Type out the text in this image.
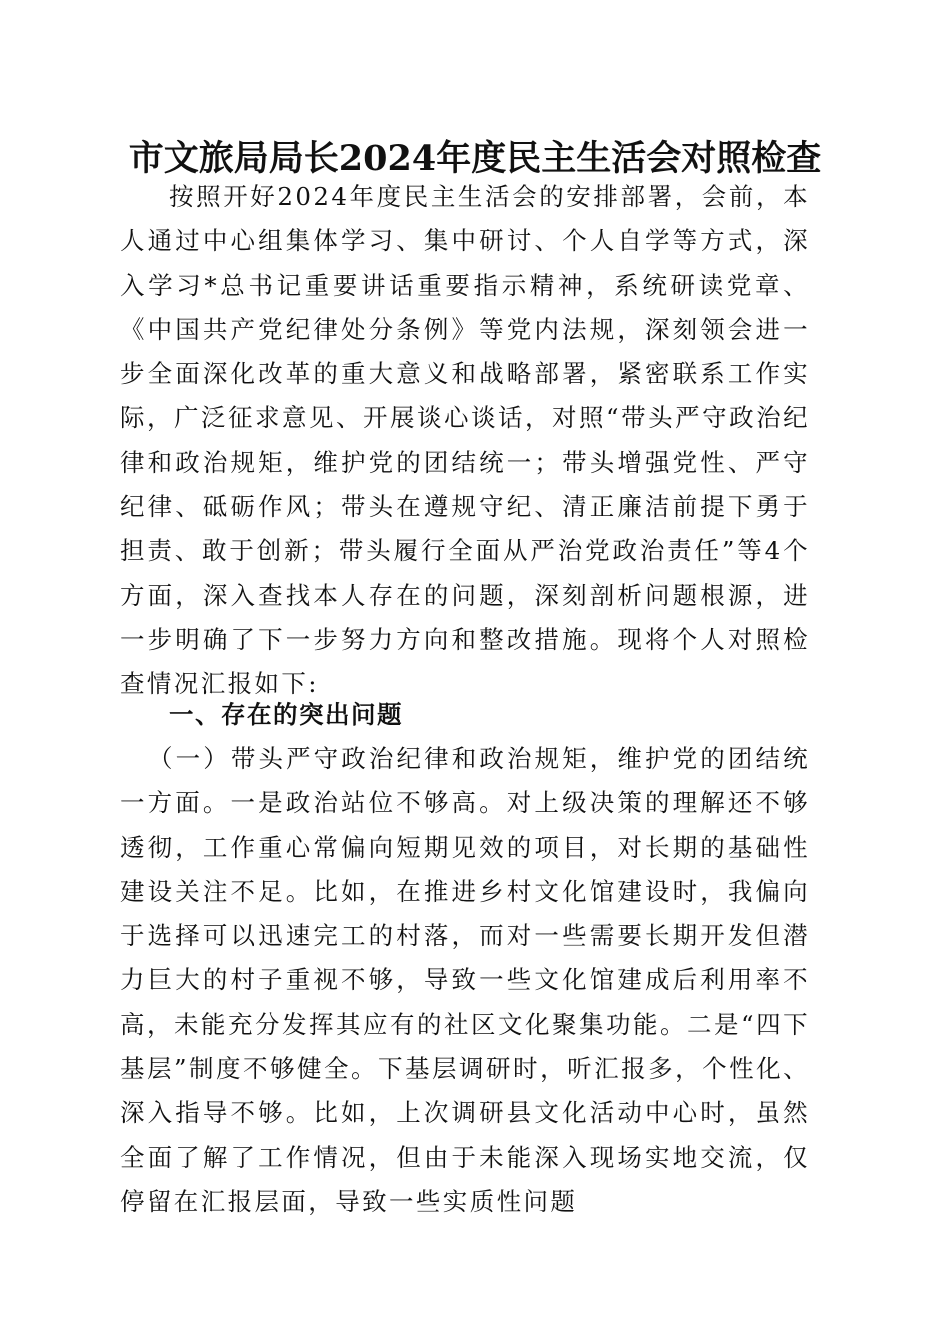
市文旅局局长2024年度民主生活会对照检查

按照开好2024年度民主生活会的安排部署，会前，本人通过中心组集体学习、集中研讨、个人自学等方式，深入学习*总书记重要讲话重要指示精神，系统研读党章、《中国共产党纪律处分条例》等党内法规，深刻领会进一步全面深化改革的重大意义和战略部署，紧密联系工作实际，广泛征求意见、开展谈心谈话，对照“带头严守政治纪律和政治规矩，维护党的团结统一；带头增强党性、严守纪律、砥砺作风；带头在遵规守纪、清正廉洁前提下勇于担责、敢于创新；带头履行全面从严治党政治责任”等4个方面，深入查找本人存在的问题，深刻剖析问题根源，进一步明确了下一步努力方向和整改措施。现将个人对照检查情况汇报如下:

一、存在的突出问题

（一）带头严守政治纪律和政治规矩，维护党的团结统一方面。一是政治站位不够高。对上级决策的理解还不够透彻，工作重心常偏向短期见效的项目，对长期的基础性建设关注不足。比如，在推进乡村文化馆建设时，我偏向于选择可以迅速完工的村落，而对一些需要长期开发但潜力巨大的村子重视不够，导致一些文化馆建成后利用率不高，未能充分发挥其应有的社区文化聚集功能。二是“四下基层”制度不够健全。下基层调研时，听汇报多，个性化、深入指导不够。比如，上次调研县文化活动中心时，虽然全面了解了工作情况，但由于未能深入现场实地交流，仅停留在汇报层面，导致一些实质性问题
